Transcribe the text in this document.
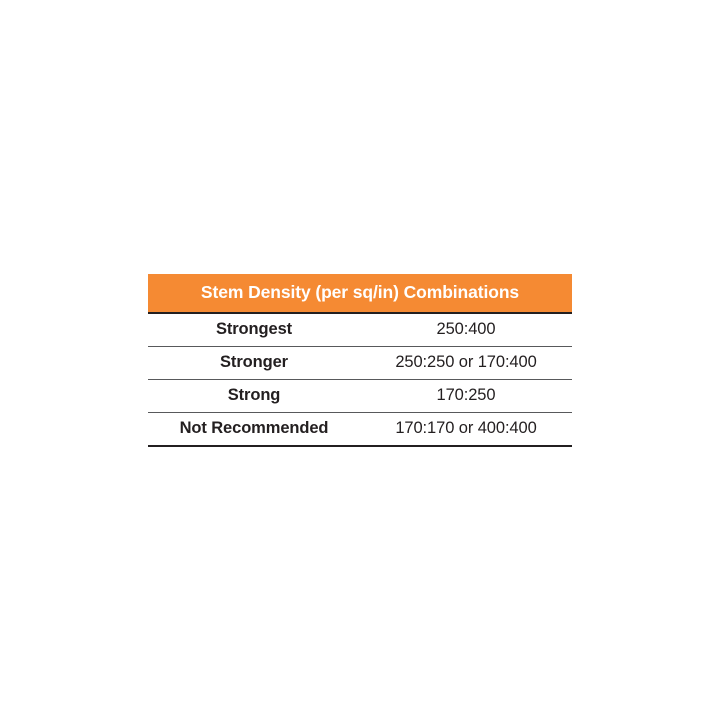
Stem Density (per sq/in) Combinations	
Strongest	250:400
Stronger	250:250 or 170:400
Strong	170:250
Not Recommended	170:170 or 400:400
